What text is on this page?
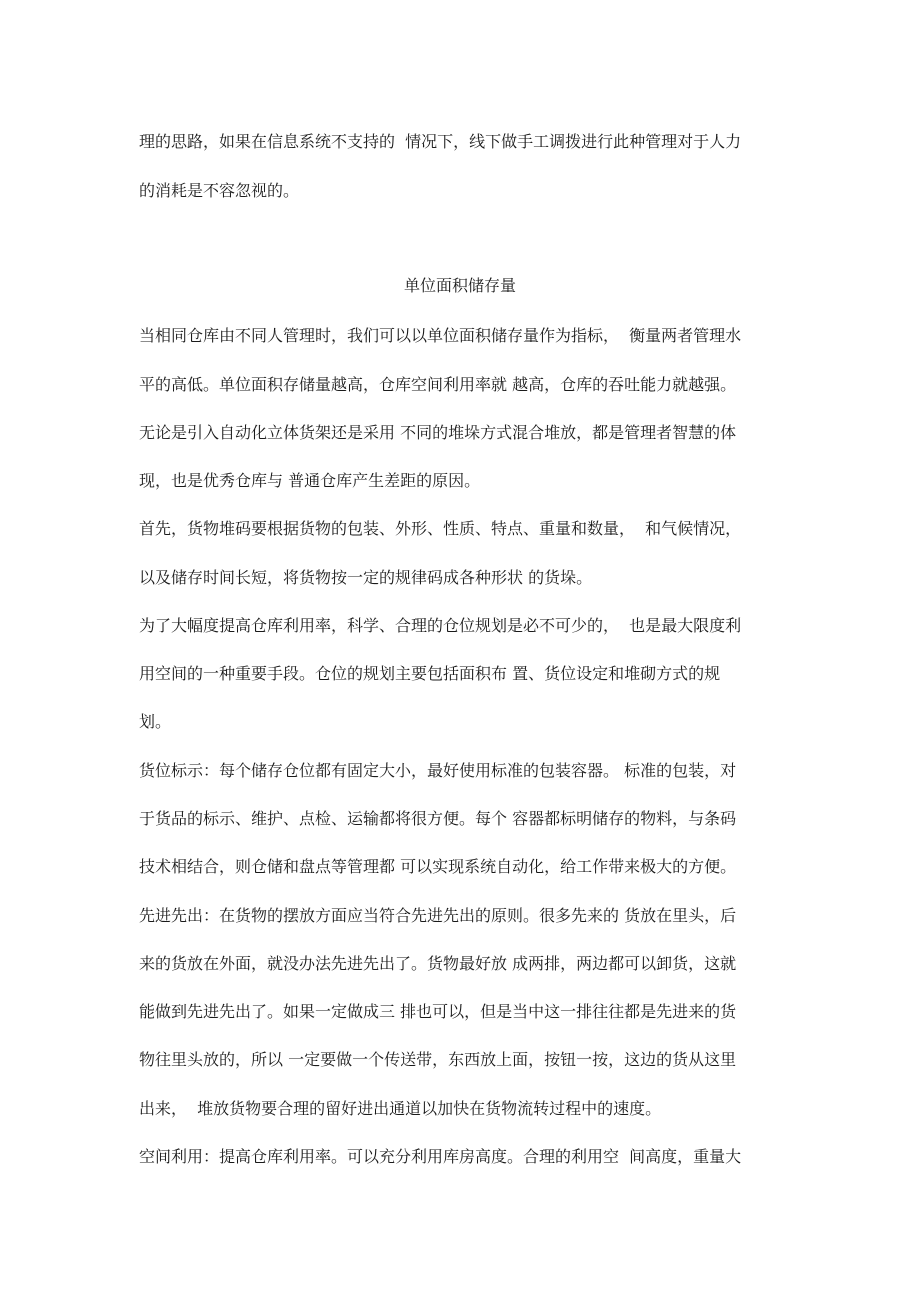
理的思路，如果在信息系统不支持的  情况下，线下做手工调拨进行此种管理对于人力
的消耗是不容忽视的。
单位面积储存量
当相同仓库由不同人管理时，我们可以以单位面积储存量作为指标，  衡量两者管理水
平的高低。单位面积存储量越高，仓库空间利用率就 越高，仓库的吞吐能力就越强。
无论是引入自动化立体货架还是采用 不同的堆垛方式混合堆放，都是管理者智慧的体
现，也是优秀仓库与 普通仓库产生差距的原因。
首先，货物堆码要根据货物的包装、外形、性质、特点、重量和数量，  和气候情况，
以及储存时间长短，将货物按一定的规律码成各种形状 的货垛。
为了大幅度提高仓库利用率，科学、合理的仓位规划是必不可少的，  也是最大限度利
用空间的一种重要手段。仓位的规划主要包括面积布 置、货位设定和堆砌方式的规
划。
货位标示：每个储存仓位都有固定大小，最好使用标准的包装容器。 标准的包装，对
于货品的标示、维护、点检、运输都将很方便。每个 容器都标明储存的物料，与条码
技术相结合，则仓储和盘点等管理都 可以实现系统自动化，给工作带来极大的方便。
先进先出：在货物的摆放方面应当符合先进先出的原则。很多先来的 货放在里头，后
来的货放在外面，就没办法先进先出了。货物最好放 成两排，两边都可以卸货，这就
能做到先进先出了。如果一定做成三 排也可以，但是当中这一排往往都是先进来的货
物往里头放的，所以 一定要做一个传送带，东西放上面，按钮一按，这边的货从这里
出来，  堆放货物要合理的留好进出通道以加快在货物流转过程中的速度。
空间利用：提高仓库利用率。可以充分利用库房高度。合理的利用空  间高度，重量大
